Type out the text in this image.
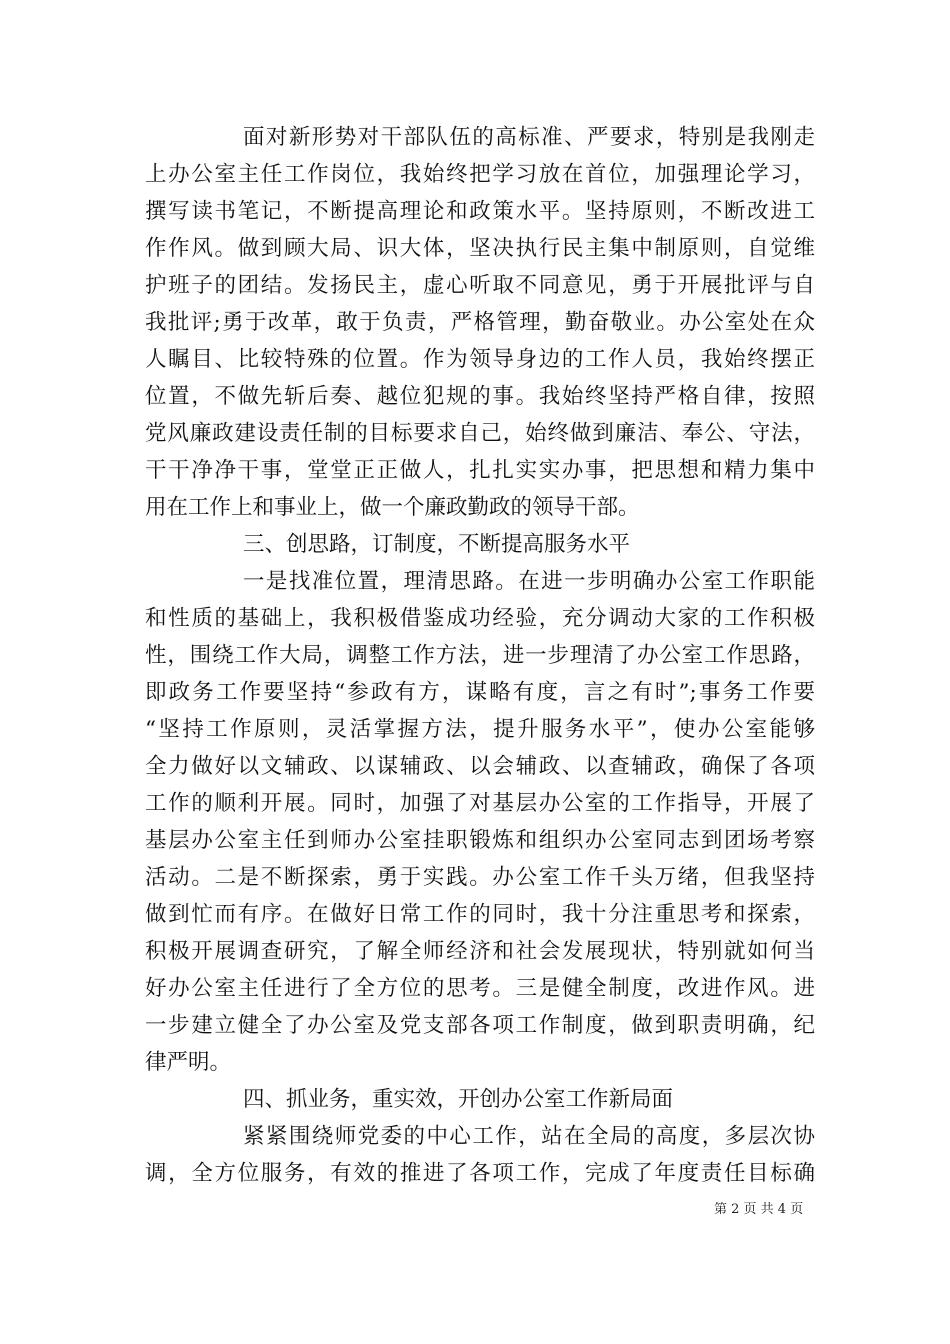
面对新形势对干部队伍的高标准、严要求，特别是我刚走
上办公室主任工作岗位，我始终把学习放在首位，加强理论学习，
撰写读书笔记，不断提高理论和政策水平。坚持原则，不断改进工
作作风。做到顾大局、识大体，坚决执行民主集中制原则，自觉维
护班子的团结。发扬民主，虚心听取不同意见，勇于开展批评与自
我批评;勇于改革，敢于负责，严格管理，勤奋敬业。办公室处在众
人瞩目、比较特殊的位置。作为领导身边的工作人员，我始终摆正
位置，不做先斩后奏、越位犯规的事。我始终坚持严格自律，按照
党风廉政建设责任制的目标要求自己，始终做到廉洁、奉公、守法，
干干净净干事，堂堂正正做人，扎扎实实办事，把思想和精力集中
用在工作上和事业上，做一个廉政勤政的领导干部。
三、创思路，订制度，不断提高服务水平
一是找准位置，理清思路。在进一步明确办公室工作职能
和性质的基础上，我积极借鉴成功经验，充分调动大家的工作积极
性，围绕工作大局，调整工作方法，进一步理清了办公室工作思路，
即政务工作要坚持“参政有方，谋略有度，言之有时”;事务工作要
“坚持工作原则，灵活掌握方法，提升服务水平”，使办公室能够
全力做好以文辅政、以谋辅政、以会辅政、以查辅政，确保了各项
工作的顺利开展。同时，加强了对基层办公室的工作指导，开展了
基层办公室主任到师办公室挂职锻炼和组织办公室同志到团场考察
活动。二是不断探索，勇于实践。办公室工作千头万绪，但我坚持
做到忙而有序。在做好日常工作的同时，我十分注重思考和探索，
积极开展调查研究，了解全师经济和社会发展现状，特别就如何当
好办公室主任进行了全方位的思考。三是健全制度，改进作风。进
一步建立健全了办公室及党支部各项工作制度，做到职责明确，纪
律严明。
四、抓业务，重实效，开创办公室工作新局面
紧紧围绕师党委的中心工作，站在全局的高度，多层次协
调，全方位服务，有效的推进了各项工作，完成了年度责任目标确
第 2 页 共 4 页
